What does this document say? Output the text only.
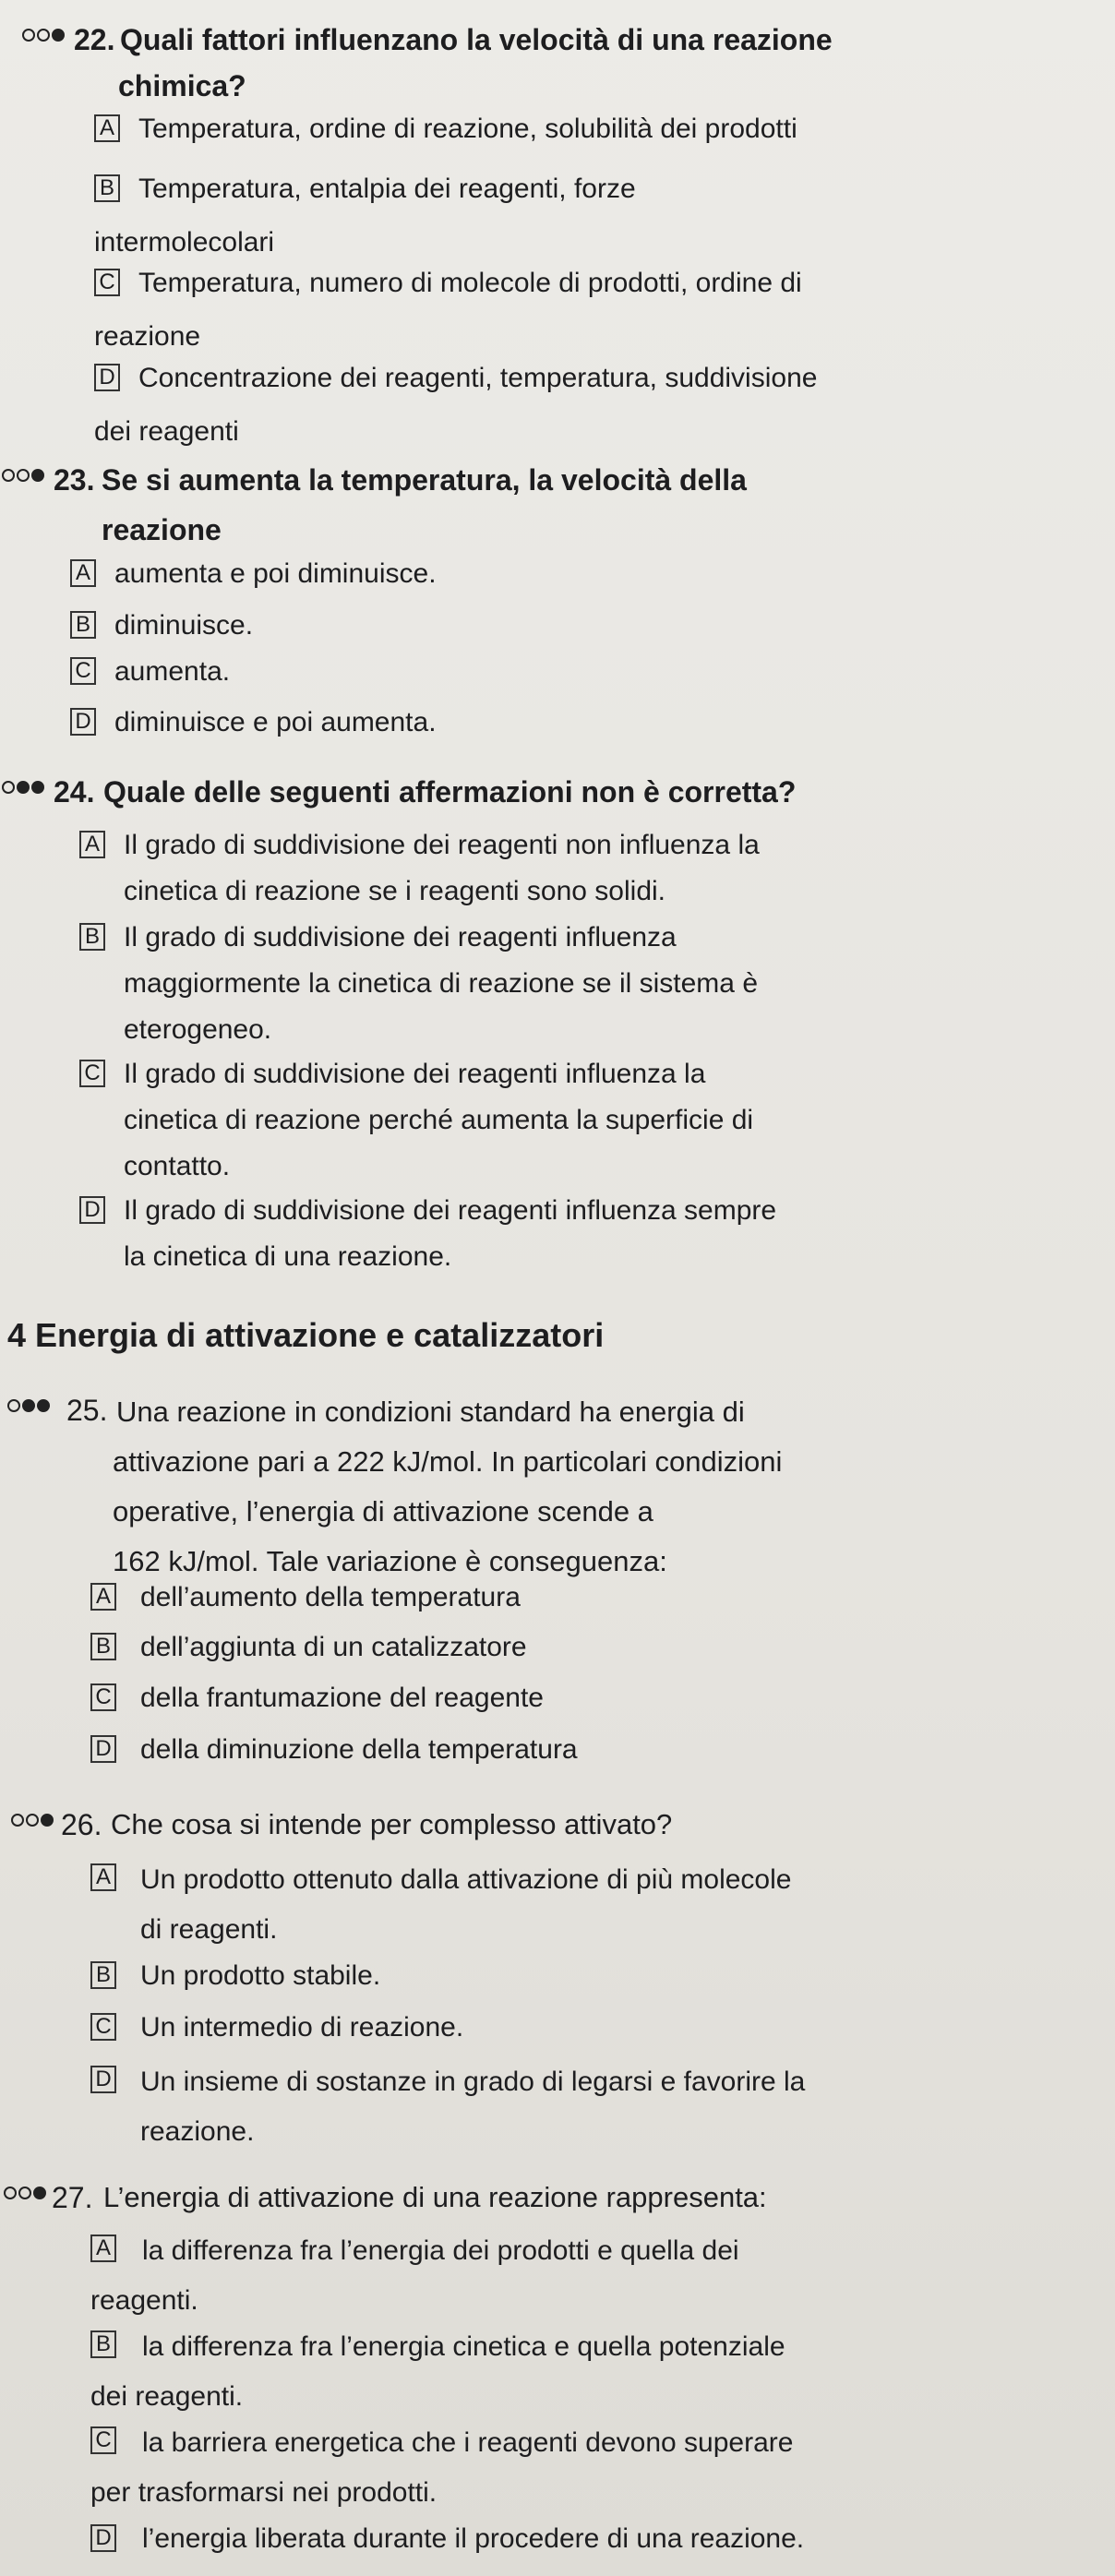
22. Quali fattori influenzano la velocità di una reazione
chimica?
A Temperatura, ordine di reazione, solubilità dei prodotti
B Temperatura, entalpia dei reagenti, forze
intermolecolari
C Temperatura, numero di molecole di prodotti, ordine di
reazione
D Concentrazione dei reagenti, temperatura, suddivisione
dei reagenti
23. Se si aumenta la temperatura, la velocità della
reazione
A aumenta e poi diminuisce.
B diminuisce.
C aumenta.
D diminuisce e poi aumenta.
24. Quale delle seguenti affermazioni non è corretta?
A Il grado di suddivisione dei reagenti non influenza la
cinetica di reazione se i reagenti sono solidi.
B Il grado di suddivisione dei reagenti influenza
maggiormente la cinetica di reazione se il sistema è
eterogeneo.
C Il grado di suddivisione dei reagenti influenza la
cinetica di reazione perché aumenta la superficie di
contatto.
D Il grado di suddivisione dei reagenti influenza sempre
la cinetica di una reazione.
4 Energia di attivazione e catalizzatori
25. Una reazione in condizioni standard ha energia di
attivazione pari a 222 kJ/mol. In particolari condizioni
operative, l’energia di attivazione scende a
162 kJ/mol. Tale variazione è conseguenza:
A dell’aumento della temperatura
B dell’aggiunta di un catalizzatore
C della frantumazione del reagente
D della diminuzione della temperatura
26. Che cosa si intende per complesso attivato?
A Un prodotto ottenuto dalla attivazione di più molecole
di reagenti.
B Un prodotto stabile.
C Un intermedio di reazione.
D Un insieme di sostanze in grado di legarsi e favorire la
reazione.
27. L’energia di attivazione di una reazione rappresenta:
A la differenza fra l’energia dei prodotti e quella dei
reagenti.
B la differenza fra l’energia cinetica e quella potenziale
dei reagenti.
C la barriera energetica che i reagenti devono superare
per trasformarsi nei prodotti.
D l’energia liberata durante il procedere di una reazione.
